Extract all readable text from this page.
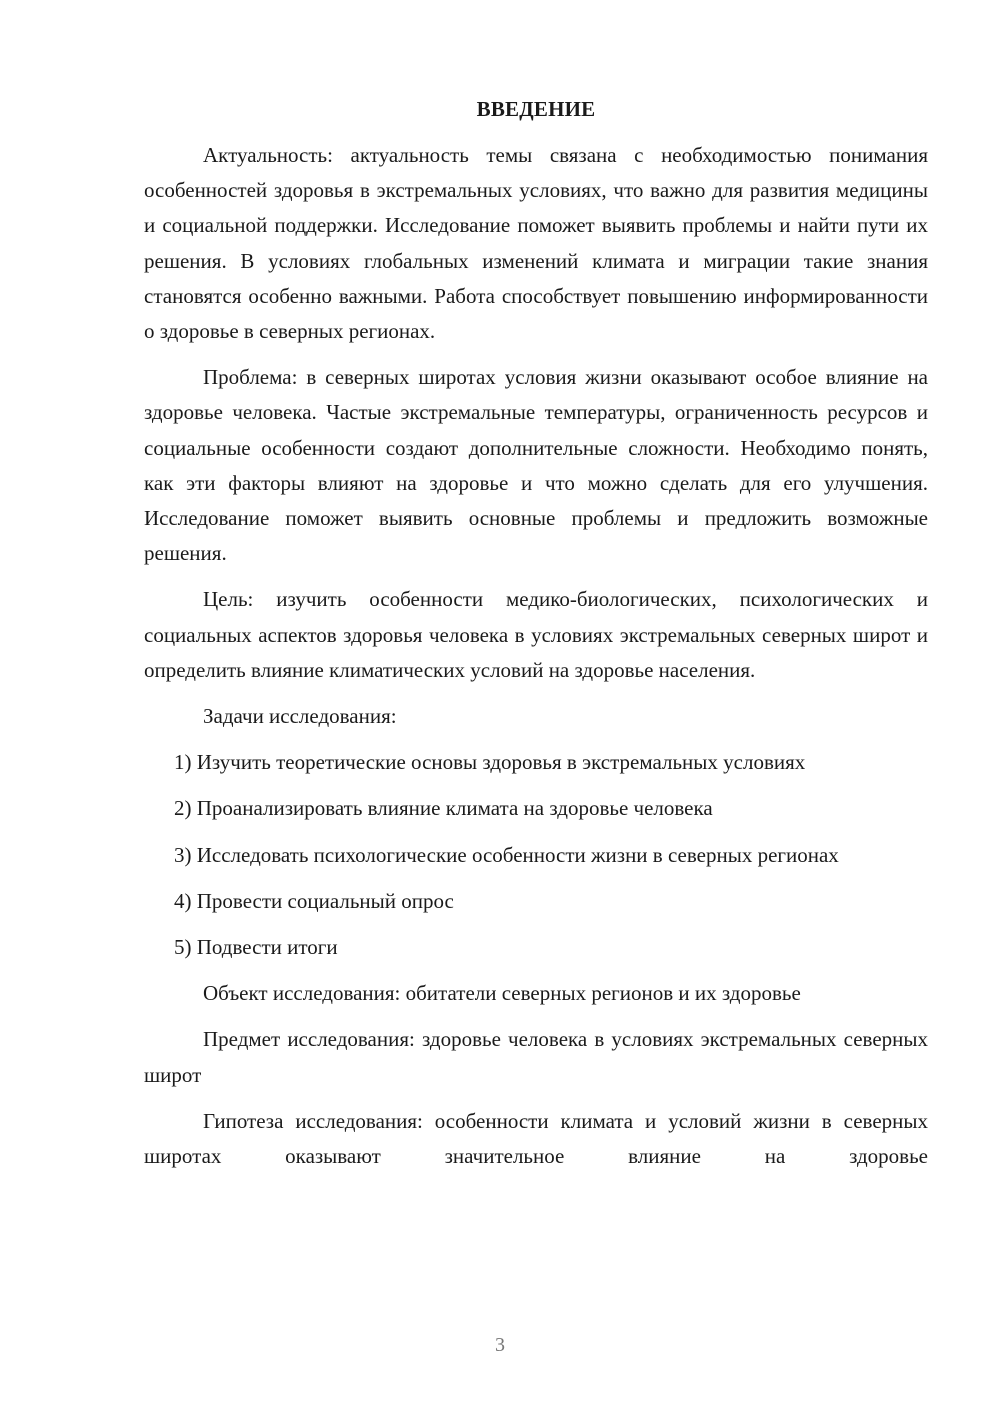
ВВЕДЕНИЕ

Актуальность: актуальность темы связана с необходимостью понимания особенностей здоровья в экстремальных условиях, что важно для развития медицины и социальной поддержки. Исследование поможет выявить проблемы и найти пути их решения. В условиях глобальных изменений климата и миграции такие знания становятся особенно важными. Работа способствует повышению информированности о здоровье в северных регионах.

Проблема: в северных широтах условия жизни оказывают особое влияние на здоровье человека. Частые экстремальные температуры, ограниченность ресурсов и социальные особенности создают дополнительные сложности. Необходимо понять, как эти факторы влияют на здоровье и что можно сделать для его улучшения. Исследование поможет выявить основные проблемы и предложить возможные решения.

Цель: изучить особенности медико-биологических, психологических и социальных аспектов здоровья человека в условиях экстремальных северных широт и определить влияние климатических условий на здоровье населения.

Задачи исследования:

1) Изучить теоретические основы здоровья в экстремальных условиях

2) Проанализировать влияние климата на здоровье человека

3) Исследовать психологические особенности жизни в северных регионах

4) Провести социальный опрос

5) Подвести итоги

Объект исследования: обитатели северных регионов и их здоровье

Предмет исследования: здоровье человека в условиях экстремальных северных широт

Гипотеза исследования: особенности климата и условий жизни в северных широтах оказывают значительное влияние на здоровье

3
